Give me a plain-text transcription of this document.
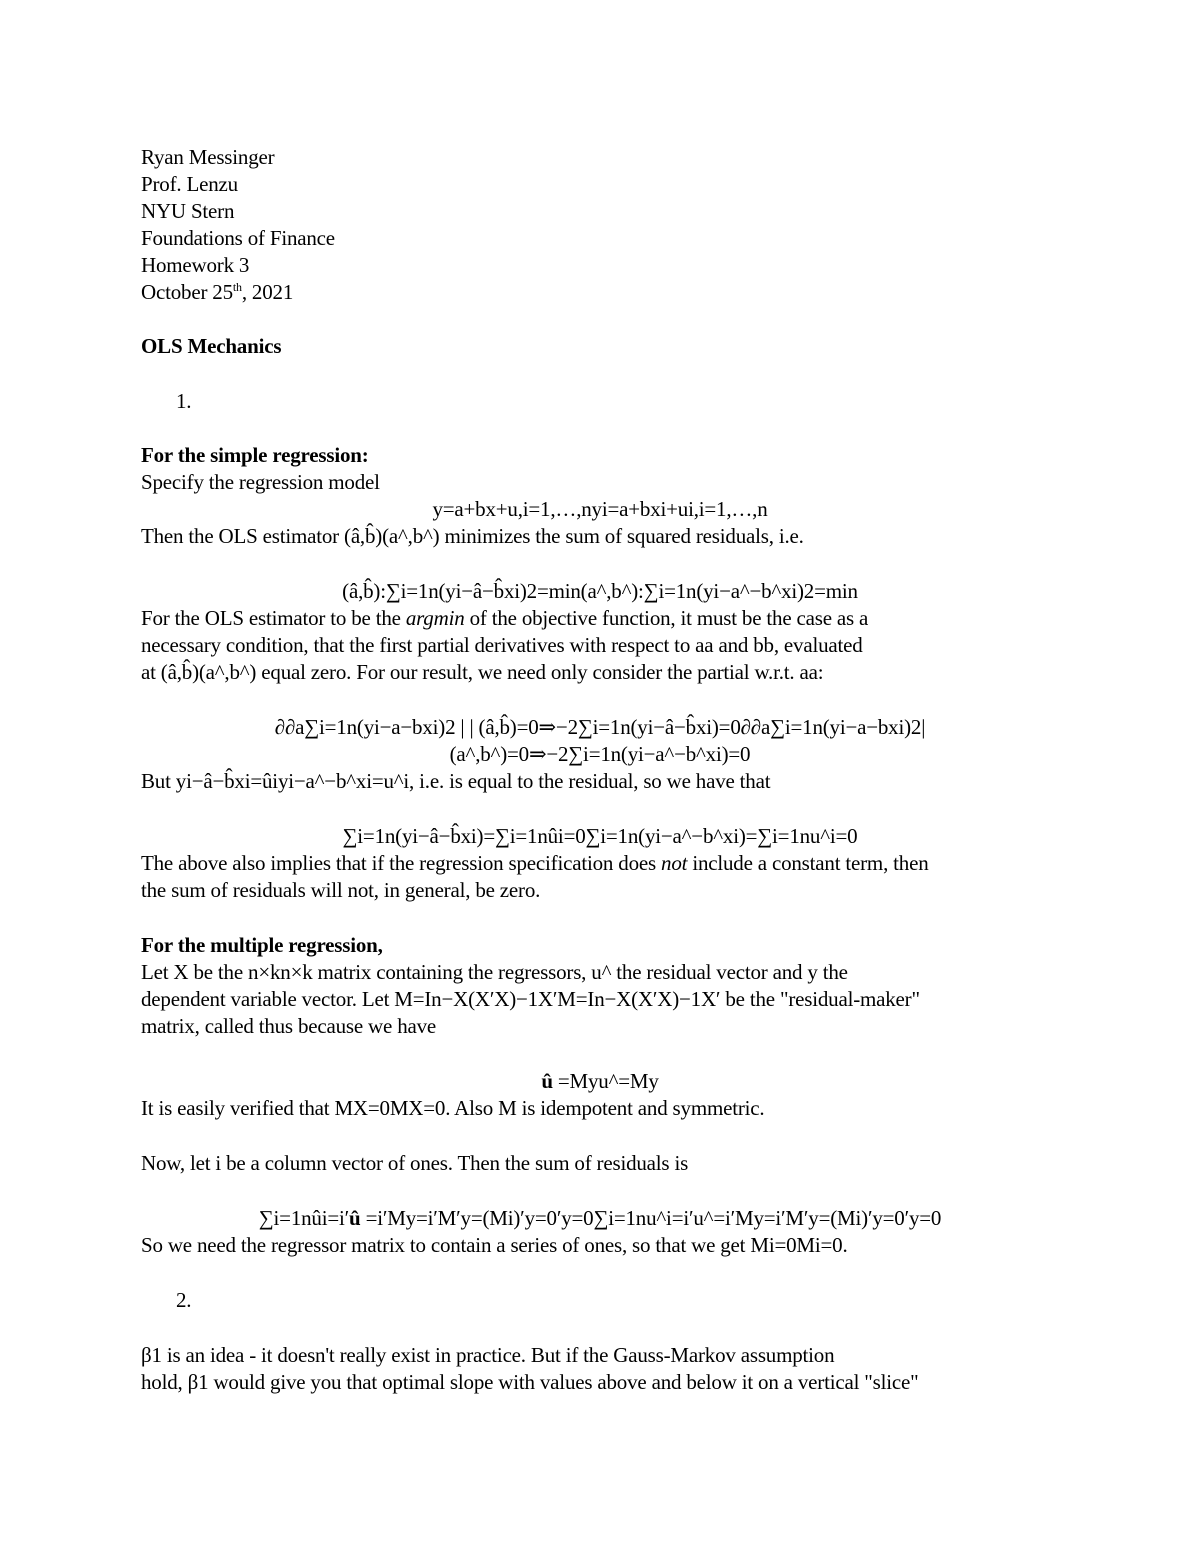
Ryan Messinger
Prof. Lenzu
NYU Stern
Foundations of Finance
Homework 3
October 25th, 2021
OLS Mechanics
1.
For the simple regression:
Specify the regression model
y=a+bx+u,i=1,…,nyi=a+bxi+ui,i=1,…,n
Then the OLS estimator (â,b̂)(a^,b^) minimizes the sum of squared residuals, i.e.
(â,b̂):∑i=1n(yi−â−b̂xi)2=min(a^,b^):∑i=1n(yi−a^−b^xi)2=min
For the OLS estimator to be the argmin of the objective function, it must be the case as a
necessary condition, that the first partial derivatives with respect to aa and bb, evaluated
at (â,b̂)(a^,b^) equal zero. For our result, we need only consider the partial w.r.t. aa:
∂∂a∑i=1n(yi−a−bxi)2 | | (â,b̂)=0⇒−2∑i=1n(yi−â−b̂xi)=0∂∂a∑i=1n(yi−a−bxi)2|
(a^,b^)=0⇒−2∑i=1n(yi−a^−b^xi)=0
But yi−â−b̂xi=ûiyi−a^−b^xi=u^i, i.e. is equal to the residual, so we have that
∑i=1n(yi−â−b̂xi)=∑i=1nûi=0∑i=1n(yi−a^−b^xi)=∑i=1nu^i=0
The above also implies that if the regression specification does not include a constant term, then
the sum of residuals will not, in general, be zero.
For the multiple regression,
Let X be the n×kn×k matrix containing the regressors, u^ the residual vector and y the
dependent variable vector. Let M=In−X(X′X)−1X′M=In−X(X′X)−1X′ be the "residual-maker"
matrix, called thus because we have
û =Myu^=My
It is easily verified that MX=0MX=0. Also M is idempotent and symmetric.
Now, let i be a column vector of ones. Then the sum of residuals is
∑i=1nûi=i′û =i′My=i′M′y=(Mi)′y=0′y=0∑i=1nu^i=i′u^=i′My=i′M′y=(Mi)′y=0′y=0
So we need the regressor matrix to contain a series of ones, so that we get Mi=0Mi=0.
2.
β1 is an idea - it doesn't really exist in practice. But if the Gauss-Markov assumption
hold, β1 would give you that optimal slope with values above and below it on a vertical "slice"
